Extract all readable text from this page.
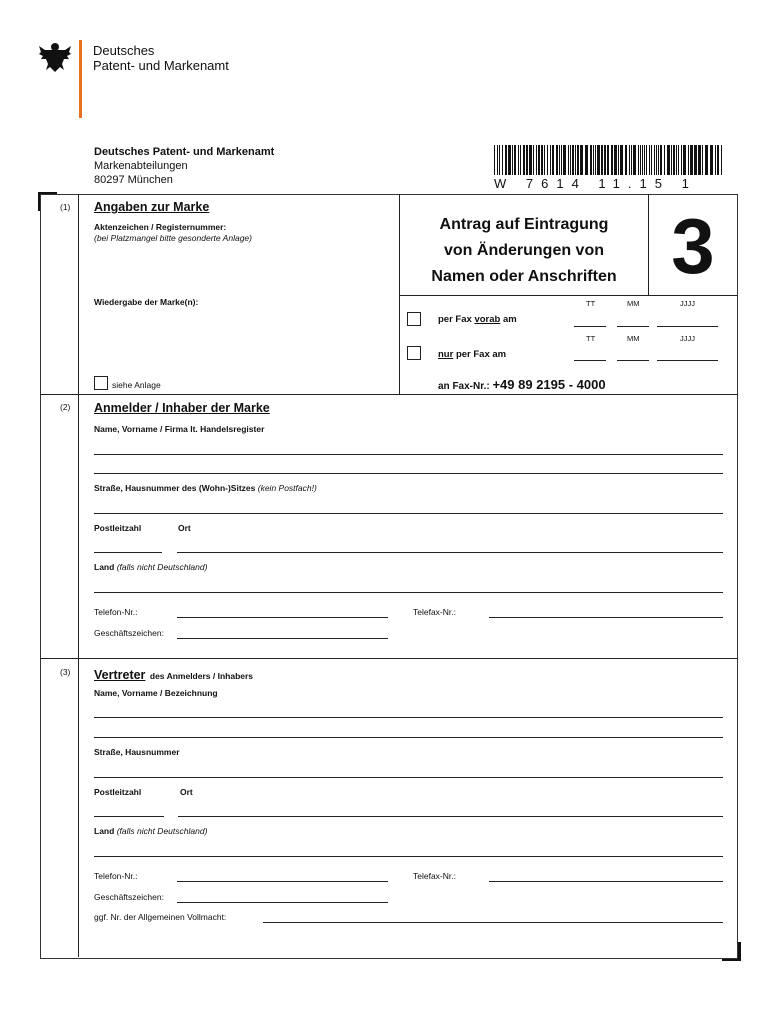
Deutsches
Patent- und Markenamt
Deutsches Patent- und Markenamt
Markenabteilungen
80297 München	W 7614 11.15 1
(1) Angaben zur Marke
Aktenzeichen / Registernummer:
(bei Platzmangel bitte gesonderte Anlage)
Wiedergabe der Marke(n):
siehe Anlage
Antrag auf Eintragung
von Änderungen von
Namen oder Anschriften 3
TT	MM	JJJJ
per Fax vorab am
TT	MM	JJJJ
nur per Fax am
an Fax-Nr.: +49 89 2195 - 4000
(2) Anmelder / Inhaber der Marke
Name, Vorname / Firma lt. Handelsregister
Straße, Hausnummer des (Wohn-)Sitzes (kein Postfach!)
Postleitzahl	Ort
Land (falls nicht Deutschland)
Telefon-Nr.:	Telefax-Nr.:
Geschäftszeichen:
(3) Vertreter des Anmelders / Inhabers
Name, Vorname / Bezeichnung
Straße, Hausnummer
Postleitzahl	Ort
Land (falls nicht Deutschland)
Telefon-Nr.:	Telefax-Nr.:
Geschäftszeichen:
ggf. Nr. der Allgemeinen Vollmacht:
